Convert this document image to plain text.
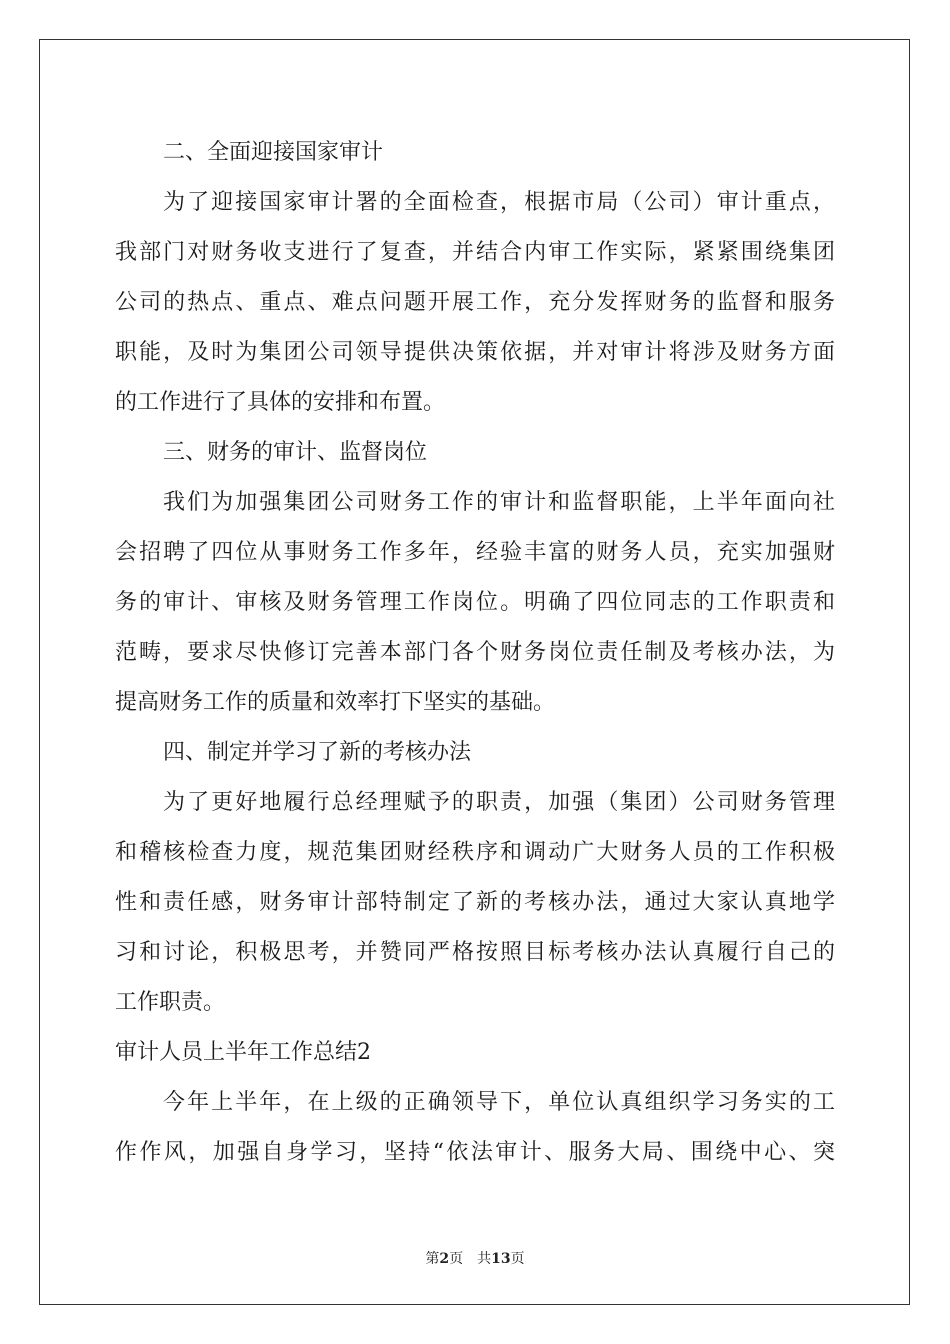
二、全面迎接国家审计
为了迎接国家审计署的全面检查，根据市局（公司）审计重点，
我部门对财务收支进行了复查，并结合内审工作实际，紧紧围绕集团
公司的热点、重点、难点问题开展工作，充分发挥财务的监督和服务
职能，及时为集团公司领导提供决策依据，并对审计将涉及财务方面
的工作进行了具体的安排和布置。
三、财务的审计、监督岗位
我们为加强集团公司财务工作的审计和监督职能，上半年面向社
会招聘了四位从事财务工作多年，经验丰富的财务人员，充实加强财
务的审计、审核及财务管理工作岗位。明确了四位同志的工作职责和
范畴，要求尽快修订完善本部门各个财务岗位责任制及考核办法，为
提高财务工作的质量和效率打下坚实的基础。
四、制定并学习了新的考核办法
为了更好地履行总经理赋予的职责，加强（集团）公司财务管理
和稽核检查力度，规范集团财经秩序和调动广大财务人员的工作积极
性和责任感，财务审计部特制定了新的考核办法，通过大家认真地学
习和讨论，积极思考，并赞同严格按照目标考核办法认真履行自己的
工作职责。
审计人员上半年工作总结2
今年上半年，在上级的正确领导下，单位认真组织学习务实的工
作作风，加强自身学习，坚持“依法审计、服务大局、围绕中心、突
第2页 共13页
